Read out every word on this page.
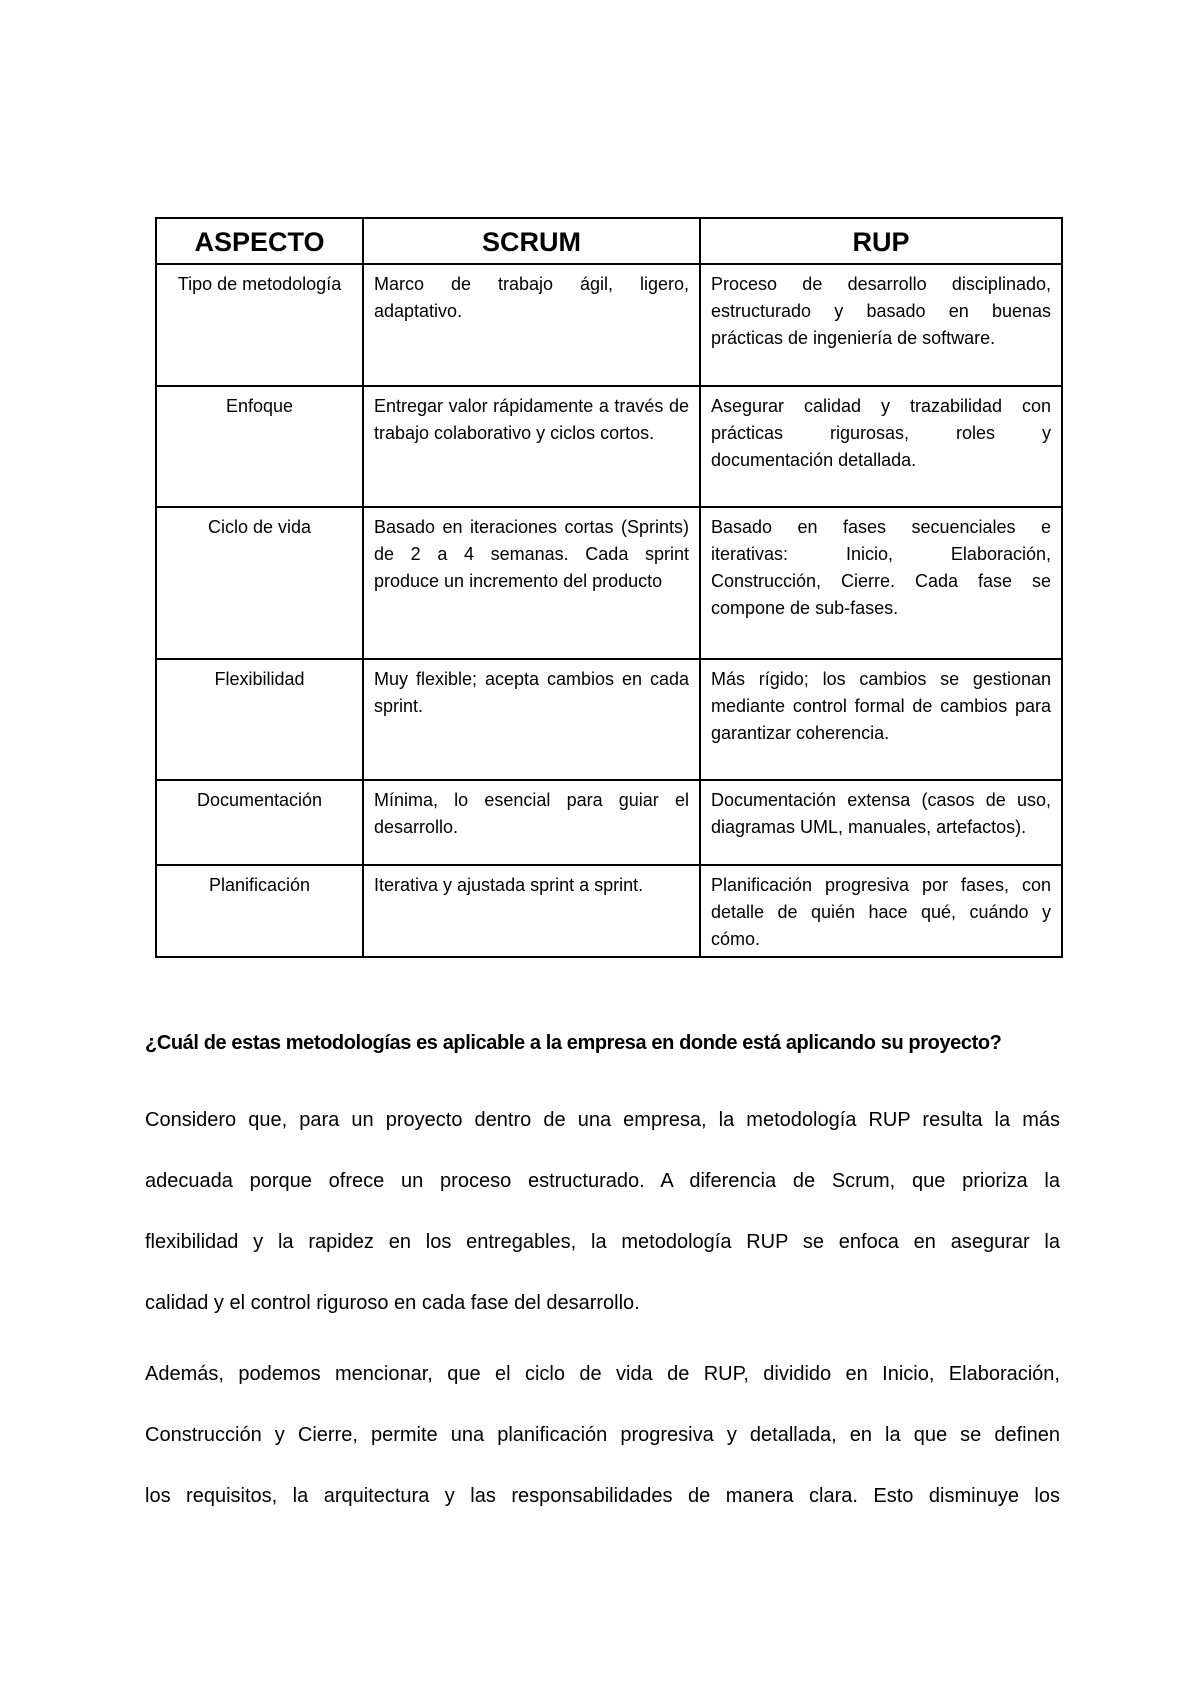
ASPECTO	SCRUM	RUP
Tipo de metodología	Marco de trabajo ágil, ligero, adaptativo.	Proceso de desarrollo disciplinado, estructurado y basado en buenas prácticas de ingeniería de software.
Enfoque	Entregar valor rápidamente a través de trabajo colaborativo y ciclos cortos.	Asegurar calidad y trazabilidad con prácticas rigurosas, roles y documentación detallada.
Ciclo de vida	Basado en iteraciones cortas (Sprints) de 2 a 4 semanas. Cada sprint produce un incremento del producto	Basado en fases secuenciales e iterativas: Inicio, Elaboración, Construcción, Cierre. Cada fase se compone de sub-fases.
Flexibilidad	Muy flexible; acepta cambios en cada sprint.	Más rígido; los cambios se gestionan mediante control formal de cambios para garantizar coherencia.
Documentación	Mínima, lo esencial para guiar el desarrollo.	Documentación extensa (casos de uso, diagramas UML, manuales, artefactos).
Planificación	Iterativa y ajustada sprint a sprint.	Planificación progresiva por fases, con detalle de quién hace qué, cuándo y cómo.
¿Cuál de estas metodologías es aplicable a la empresa en donde está aplicando su proyecto?
Considero que, para un proyecto dentro de una empresa, la metodología RUP resulta la más
adecuada porque ofrece un proceso estructurado. A diferencia de Scrum, que prioriza la
flexibilidad y la rapidez en los entregables, la metodología RUP se enfoca en asegurar la
calidad y el control riguroso en cada fase del desarrollo.
Además, podemos mencionar, que el ciclo de vida de RUP, dividido en Inicio, Elaboración,
Construcción y Cierre, permite una planificación progresiva y detallada, en la que se definen
los requisitos, la arquitectura y las responsabilidades de manera clara. Esto disminuye los
